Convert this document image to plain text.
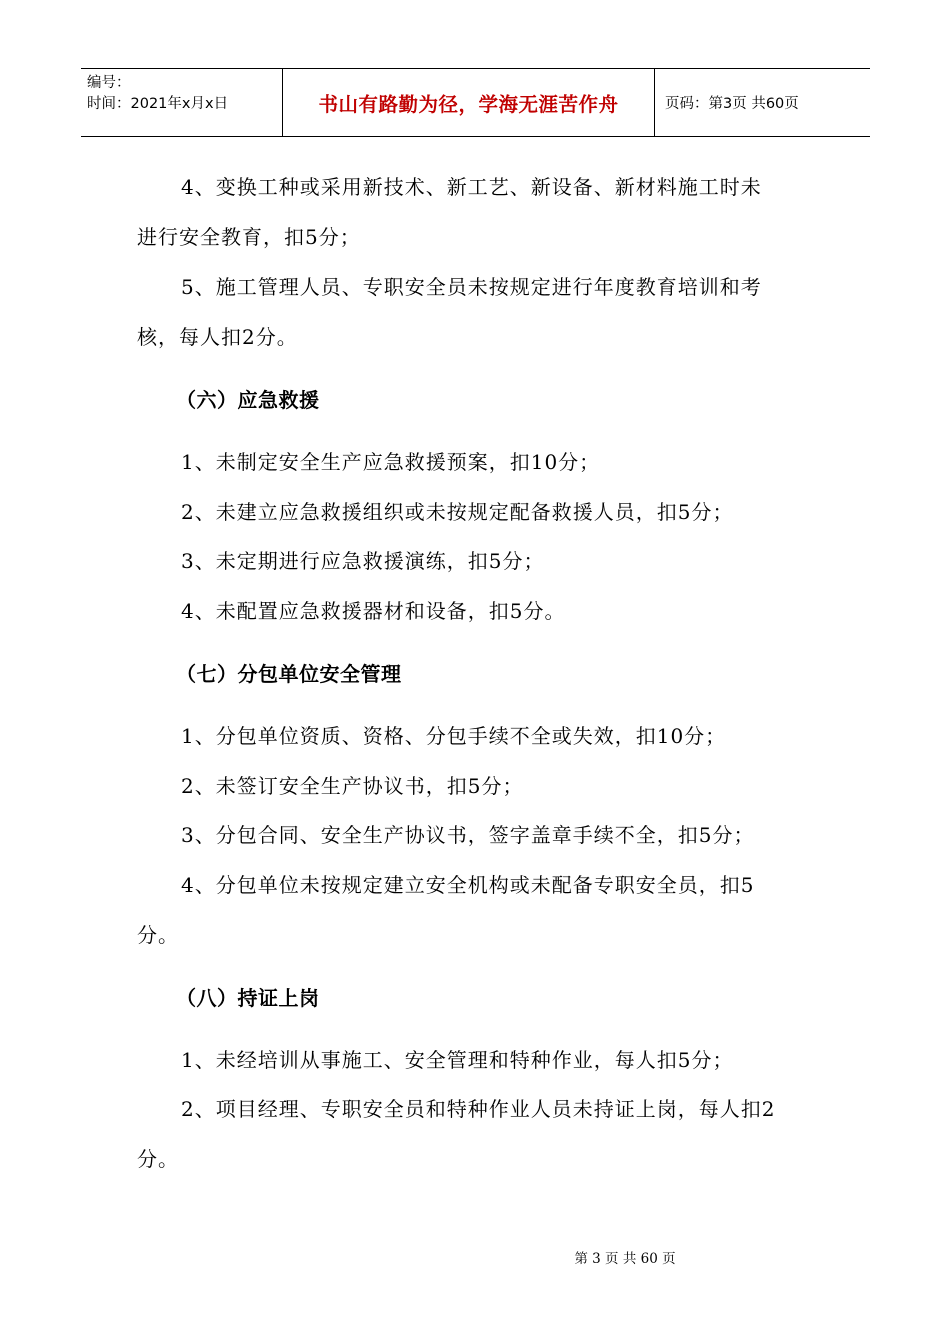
编号：
时间：2021年x月x日	书山有路勤为径，学海无涯苦作舟	页码：第3页 共60页
4、变换工种或采用新技术、新工艺、新设备、新材料施工时未
进行安全教育，扣5分；
5、施工管理人员、专职安全员未按规定进行年度教育培训和考
核，每人扣2分。
（六）应急救援
1、未制定安全生产应急救援预案，扣10分；
2、未建立应急救援组织或未按规定配备救援人员，扣5分；
3、未定期进行应急救援演练，扣5分；
4、未配置应急救援器材和设备，扣5分。
（七）分包单位安全管理
1、分包单位资质、资格、分包手续不全或失效，扣10分；
2、未签订安全生产协议书，扣5分；
3、分包合同、安全生产协议书，签字盖章手续不全，扣5分；
4、分包单位未按规定建立安全机构或未配备专职安全员，扣5
分。
（八）持证上岗
1、未经培训从事施工、安全管理和特种作业，每人扣5分；
2、项目经理、专职安全员和特种作业人员未持证上岗，每人扣2
分。
第 3 页 共 60 页
